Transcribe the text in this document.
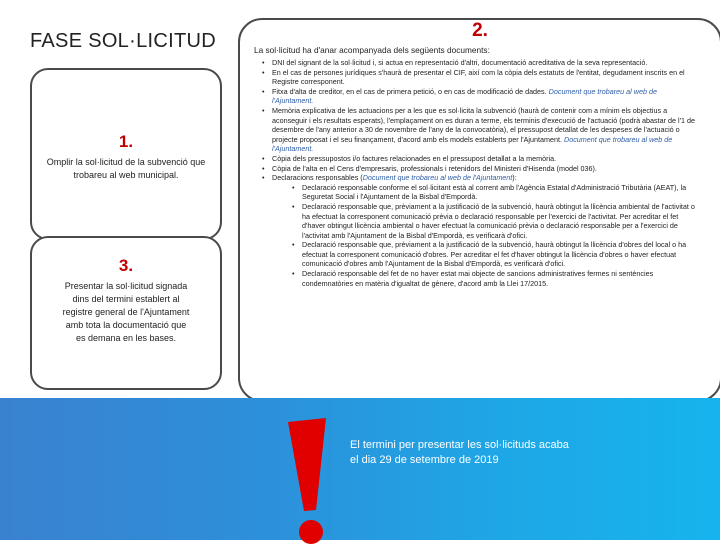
FASE SOL·LICITUD
1.
Omplir la sol·licitud de la subvenció que trobareu al web municipal.
3.
Presentar la sol·licitud signada dins del termini establert al registre general de l'Ajuntament amb tota la documentació que es demana en les bases.
2.
La sol·licitud ha d'anar acompanyada dels següents documents:
• DNI del signant de la sol·licitud i, si actua en representació d'altri, documentació acreditativa de la seva representació.
• En el cas de persones jurídiques s'haurà de presentar el CIF, així com la còpia dels estatuts de l'entitat, degudament inscrits en el Registre corresponent.
• Fitxa d'alta de creditor, en el cas de primera petició, o en cas de modificació de dades. Document que trobareu al web de l'Ajuntament.
• Memòria explicativa de les actuacions per a les que es sol·licita la subvenció (haurà de contenir com a mínim els objectius a aconseguir i els resultats esperats), l'emplaçament on es duran a terme, els terminis d'execució de l'actuació (podrà abastar de l'1 de desembre de l'any anterior a 30 de novembre de l'any de la convocatòria), el pressupost detallat de les despeses de l'actuació o projecte proposat i el seu finançament, d'acord amb els models establerts per l'Ajuntament. Document que trobareu al web de l'Ajuntament.
• Còpia dels pressupostos i/o factures relacionades en el pressupost detallat a la memòria.
• Còpia de l'alta en el Cens d'empresaris, professionals i retenidors del Ministeri d'Hisenda (model 036).
• Declaracions responsables (Document que trobareu al web de l'Ajuntament):
• Declaració responsable conforme el sol·licitant està al corrent amb l'Agència Estatal d'Administració Tributària (AEAT), la Seguretat Social i l'Ajuntament de la Bisbal d'Empordà.
• Declaració responsable que, prèviament a la justificació de la subvenció, haurà obtingut la llicència ambiental de l'activitat o ha efectuat la corresponent comunicació prèvia o declaració responsable per l'exercici de l'activitat. Per acreditar el fet d'haver obtingut llicència ambiental o haver efectuat la comunicació prèvia o declaració responsable per a l'exercici de l'activitat amb l'Ajuntament de la Bisbal d'Empordà, es verificarà d'ofici.
• Declaració responsable que, prèviament a la justificació de la subvenció, haurà obtingut la llicència d'obres del local o ha efectuat la corresponent comunicació d'obres. Per acreditar el fet d'haver obtingut la llicència d'obres o haver efectuat comunicació d'obres amb l'Ajuntament de la Bisbal d'Empordà, es verificarà d'ofici.
• Declaració responsable del fet de no haver estat mai objecte de sancions administratives fermes ni sentències condemnatòries en matèria d'igualtat de gènere, d'acord amb la Llei 17/2015.
El termini per presentar les sol·licituds acaba el dia 29 de setembre de 2019
